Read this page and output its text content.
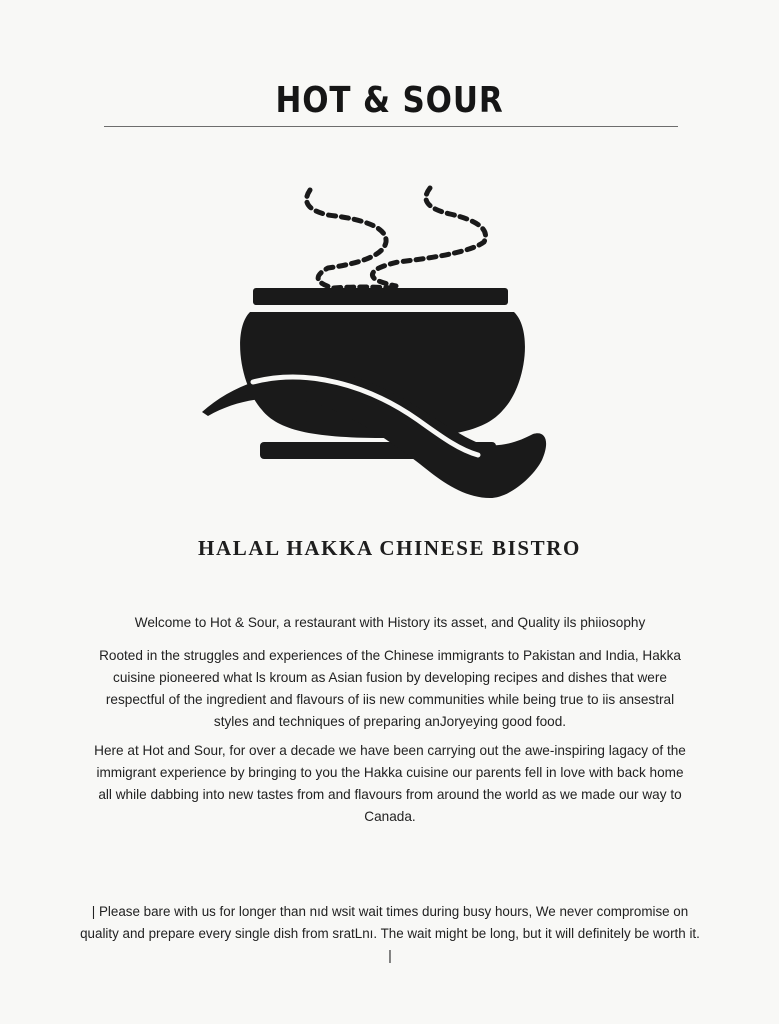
HOT & SOUR
HALAL HAKKA CHINESE BISTRO

Welcome to Hot & Sour, a restaurant with History its asset, and Quality ils phiiosophy

Rooted in the struggles and experiences of the Chinese immigrants to Pakistan and India, Hakka cuisine pioneered what ls kroum as Asian fusion by developing recipes and dishes that were respectful of the ingredient and flavours of iis new communities while being true to iis ansestral styles and techniques of preparing anJoryeying good food.

Here at Hot and Sour, for over a decade we have been carrying out the awe-inspiring lagacy of the immigrant experience by bringing to you the Hakka cuisine our parents fell in love with back home all while dabbing into new tastes from and flavours from around the world as we made our way to Canada.

| Please bare with us for longer than nıd wsit wait times during busy hours, We never compromise on quality and prepare every single dish from sratLnı. The wait might be long, but it will definitely be worth it. |
